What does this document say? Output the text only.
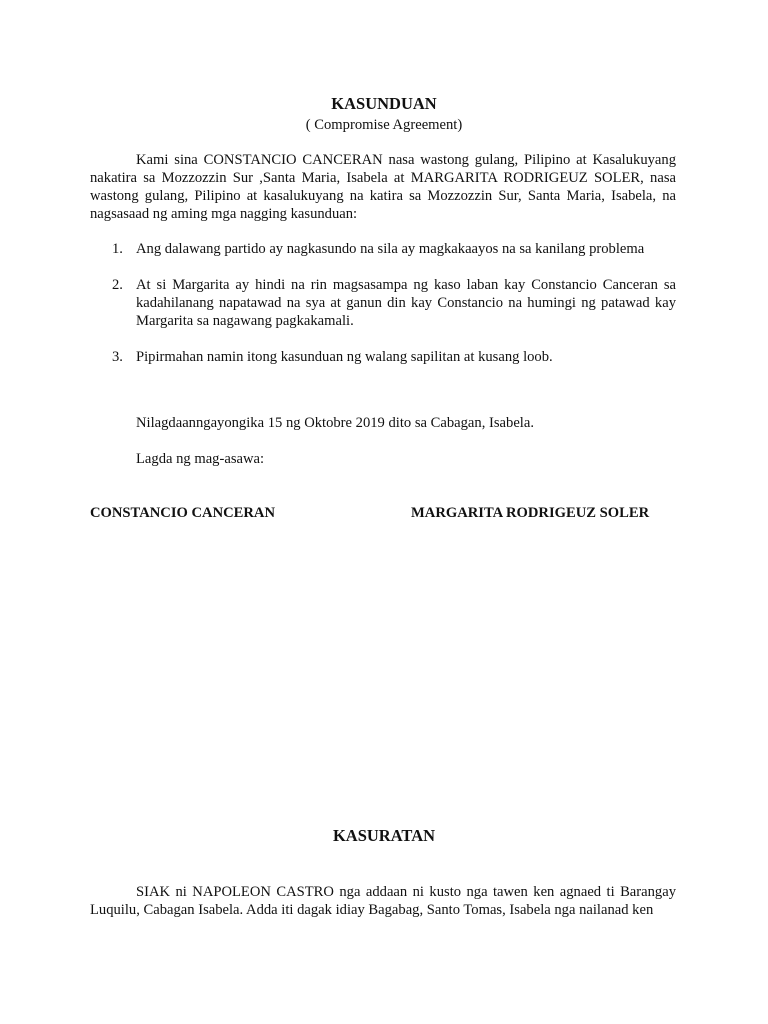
KASUNDUAN
( Compromise Agreement)
Kami sina CONSTANCIO CANCERAN nasa wastong gulang, Pilipino at Kasalukuyang nakatira sa Mozzozzin Sur ,Santa Maria, Isabela at MARGARITA RODRIGEUZ SOLER, nasa wastong gulang, Pilipino at kasalukuyang na katira sa Mozzozzin Sur, Santa Maria, Isabela, na nagsasaad ng aming mga nagging kasunduan:
1. Ang dalawang partido ay nagkasundo na sila ay magkakaayos na sa kanilang problema
2. At si Margarita ay hindi na rin magsasampa ng kaso laban kay Constancio Canceran sa kadahilanang napatawad na sya at ganun din kay Constancio na humingi ng patawad kay Margarita sa nagawang pagkakamali.
3. Pipirmahan namin itong kasunduan ng walang sapilitan at kusang loob.
Nilagdaanngayongika 15 ng Oktobre 2019 dito sa Cabagan, Isabela.
Lagda ng mag-asawa:
CONSTANCIO CANCERAN	MARGARITA RODRIGEUZ SOLER
KASURATAN
SIAK ni NAPOLEON CASTRO nga addaan ni kusto nga tawen ken agnaed ti Barangay Luquilu, Cabagan Isabela. Adda iti dagak idiay Bagabag, Santo Tomas, Isabela nga nailanad ken
